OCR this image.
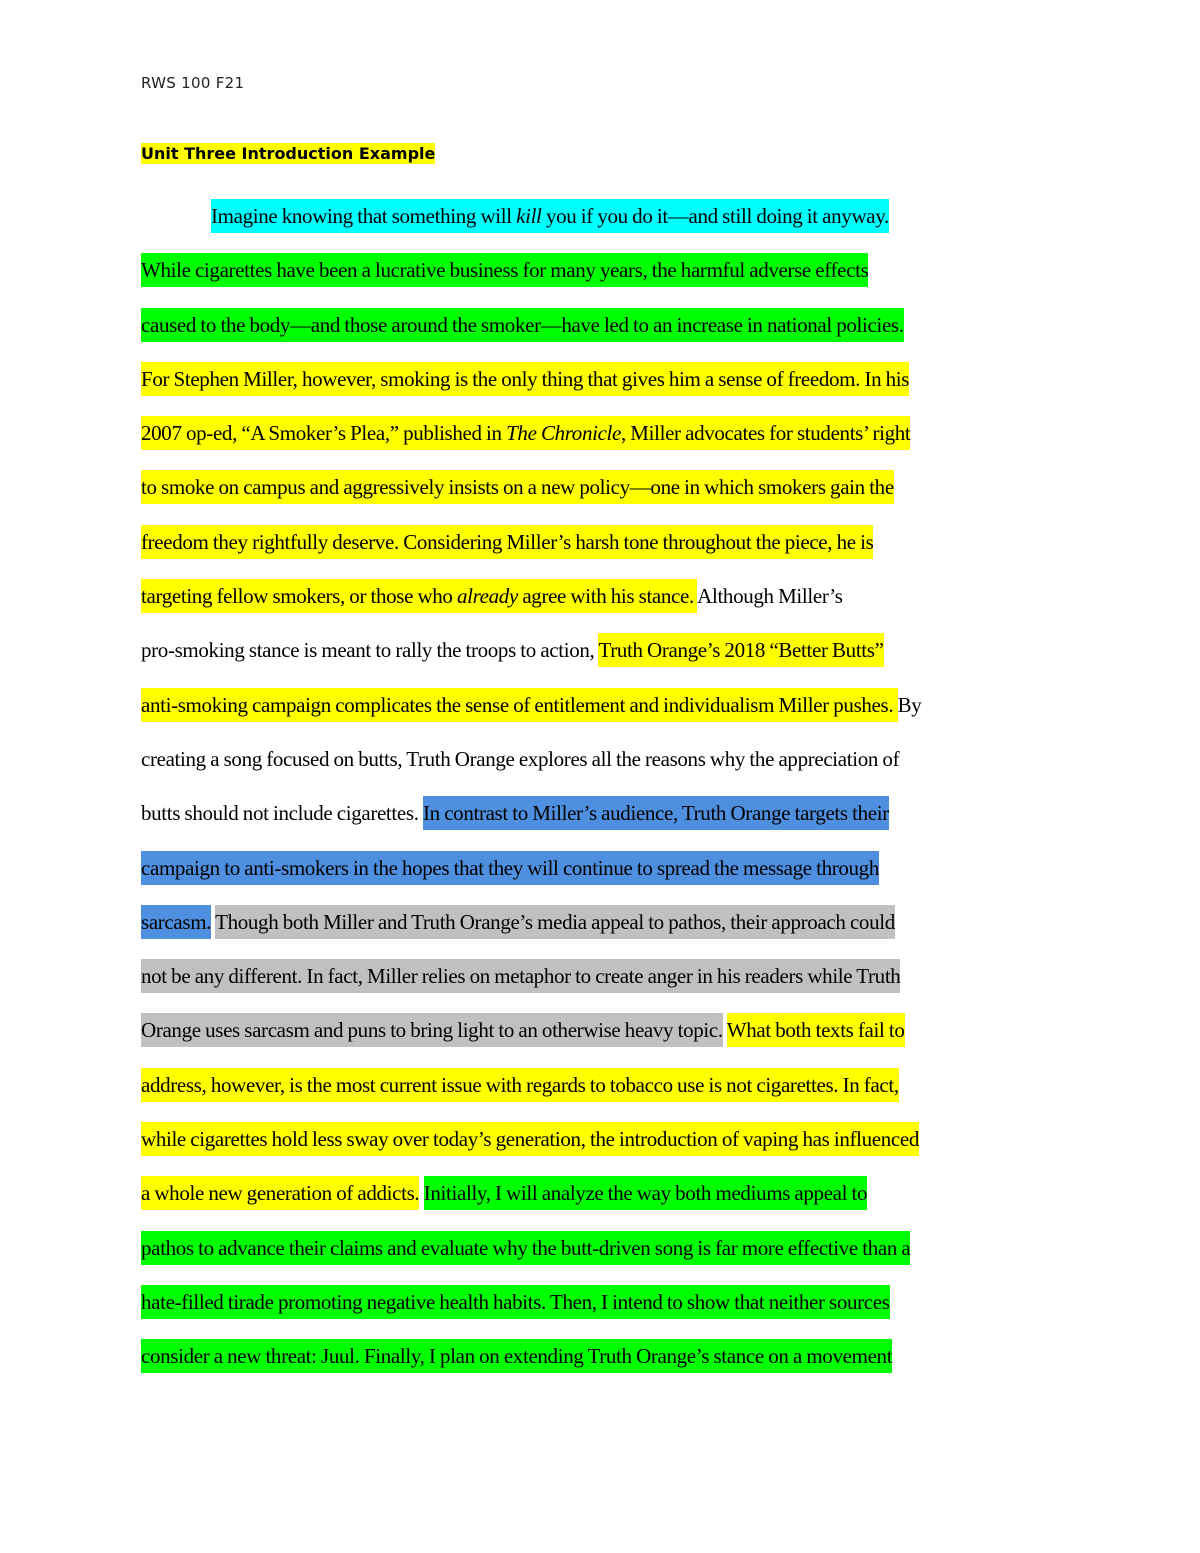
RWS 100 F21
Unit Three Introduction Example
Imagine knowing that something will kill you if you do it—and still doing it anyway.
While cigarettes have been a lucrative business for many years, the harmful adverse effects
caused to the body—and those around the smoker—have led to an increase in national policies.
For Stephen Miller, however, smoking is the only thing that gives him a sense of freedom. In his
2007 op-ed, “A Smoker’s Plea,” published in The Chronicle, Miller advocates for students’ right
to smoke on campus and aggressively insists on a new policy—one in which smokers gain the
freedom they rightfully deserve. Considering Miller’s harsh tone throughout the piece, he is
targeting fellow smokers, or those who already agree with his stance. Although Miller’s
pro-smoking stance is meant to rally the troops to action, Truth Orange’s 2018 “Better Butts”
anti-smoking campaign complicates the sense of entitlement and individualism Miller pushes. By
creating a song focused on butts, Truth Orange explores all the reasons why the appreciation of
butts should not include cigarettes. In contrast to Miller’s audience, Truth Orange targets their
campaign to anti-smokers in the hopes that they will continue to spread the message through
sarcasm. Though both Miller and Truth Orange’s media appeal to pathos, their approach could
not be any different. In fact, Miller relies on metaphor to create anger in his readers while Truth
Orange uses sarcasm and puns to bring light to an otherwise heavy topic. What both texts fail to
address, however, is the most current issue with regards to tobacco use is not cigarettes. In fact,
while cigarettes hold less sway over today’s generation, the introduction of vaping has influenced
a whole new generation of addicts. Initially, I will analyze the way both mediums appeal to
pathos to advance their claims and evaluate why the butt-driven song is far more effective than a
hate-filled tirade promoting negative health habits. Then, I intend to show that neither sources
consider a new threat: Juul. Finally, I plan on extending Truth Orange’s stance on a movement
